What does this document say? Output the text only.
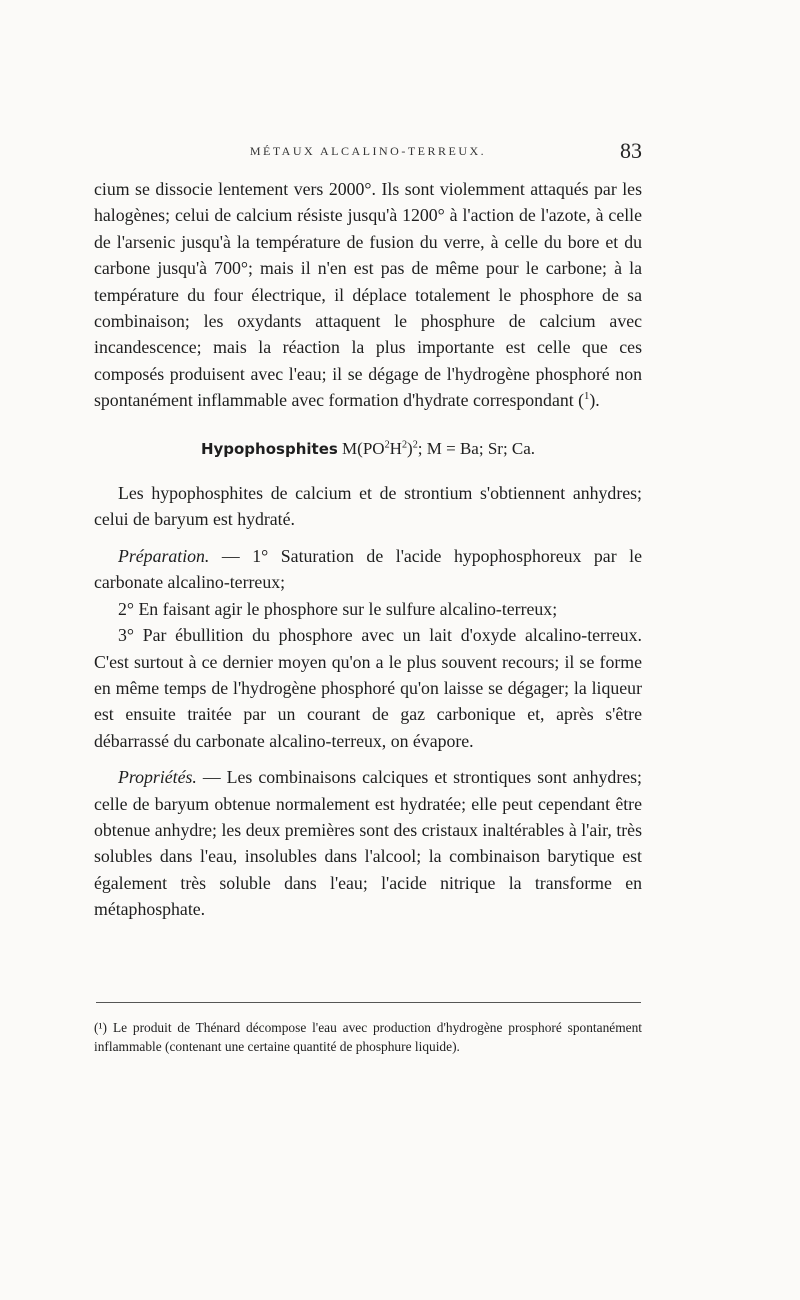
MÉTAUX ALCALINO-TERREUX.	83

cium se dissocie lentement vers 2000°. Ils sont violemment attaqués par les halogènes; celui de calcium résiste jusqu'à 1200° à l'action de l'azote, à celle de l'arsenic jusqu'à la température de fusion du verre, à celle du bore et du carbone jusqu'à 700°; mais il n'en est pas de même pour le carbone; à la température du four électrique, il déplace totalement le phosphore de sa combinaison; les oxydants attaquent le phosphure de calcium avec incandescence; mais la réaction la plus importante est celle que ces composés produisent avec l'eau; il se dégage de l'hydrogène phosphoré non spontanément inflammable avec formation d'hydrate correspondant ($^1$).

Hypophosphites $M(PO^2H^2)^2$; M = Ba; Sr; Ca.

Les hypophosphites de calcium et de strontium s'obtiennent anhydres; celui de baryum est hydraté.

Préparation. — 1° Saturation de l'acide hypophosphoreux par le carbonate alcalino-terreux;

2° En faisant agir le phosphore sur le sulfure alcalino-terreux;

3° Par ébullition du phosphore avec un lait d'oxyde alcalino-terreux. C'est surtout à ce dernier moyen qu'on a le plus souvent recours; il se forme en même temps de l'hydrogène phosphoré qu'on laisse se dégager; la liqueur est ensuite traitée par un courant de gaz carbonique et, après s'être débarrassé du carbonate alcalino-terreux, on évapore.

Propriétés. — Les combinaisons calciques et strontiques sont anhydres; celle de baryum obtenue normalement est hydratée; elle peut cependant être obtenue anhydre; les deux premières sont des cristaux inaltérables à l'air, très solubles dans l'eau, insolubles dans l'alcool; la combinaison barytique est également très soluble dans l'eau; l'acide nitrique la transforme en métaphosphate.

(¹) Le produit de Thénard décompose l'eau avec production d'hydrogène prosphoré spontanément inflammable (contenant une certaine quantité de phosphure liquide).
